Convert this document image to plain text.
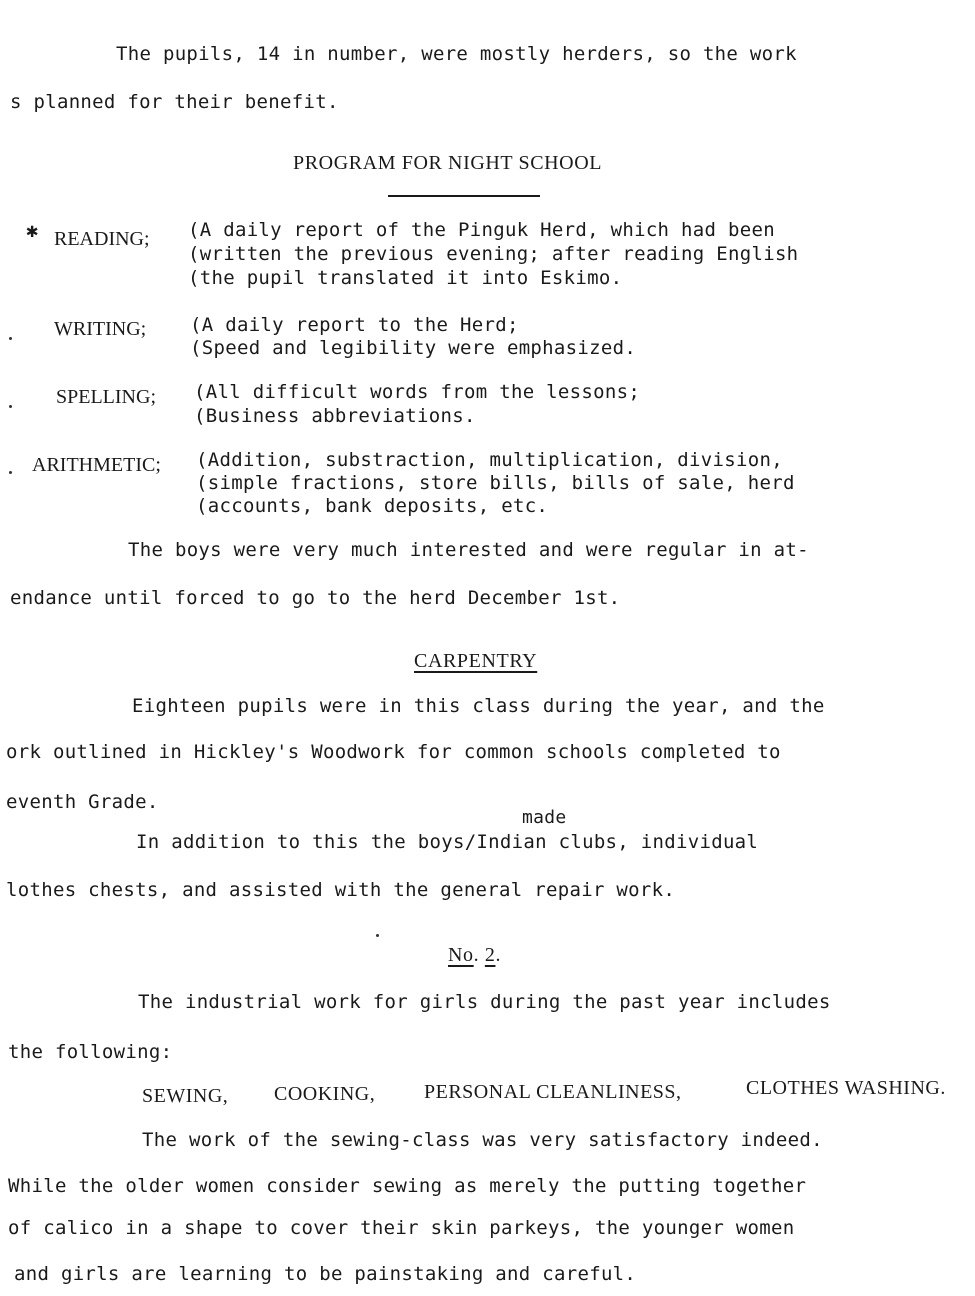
The pupils, 14 in number, were mostly herders, so the work
s planned for their benefit.
PROGRAM FOR NIGHT SCHOOL
✱ READING; (A daily report of the Pinguk Herd, which had been
(written the previous evening; after reading English
(the pupil translated it into Eskimo.
WRITING; (A daily report to the Herd;
(Speed and legibility were emphasized.
SPELLING; (All difficult words from the lessons;
(Business abbreviations.
ARITHMETIC; (Addition, substraction, multiplication, division,
(simple fractions, store bills, bills of sale, herd
(accounts, bank deposits, etc.
The boys were very much interested and were regular in at-
endance until forced to go to the herd December 1st.
CARPENTRY
Eighteen pupils were in this class during the year, and the
ork outlined in Hickley's Woodwork for common schools completed to
eventh Grade.
made
In addition to this the boys/Indian clubs, individual
lothes chests, and assisted with the general repair work.
No. 2.
The industrial work for girls during the past year includes
the following:
SEWING, COOKING, PERSONAL CLEANLINESS,	CLOTHES WASHING.
The work of the sewing-class was very satisfactory indeed.
While the older women consider sewing as merely the putting together
of calico in a shape to cover their skin parkeys, the younger women
and girls are learning to be painstaking and careful.
